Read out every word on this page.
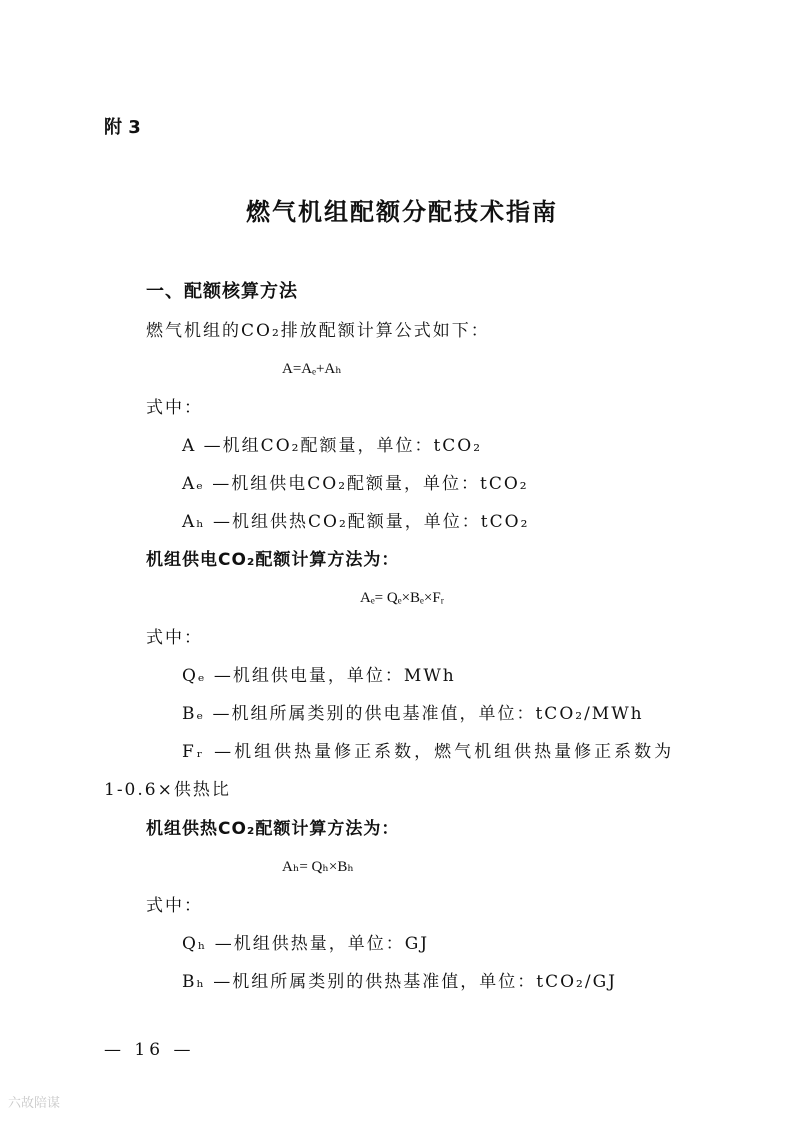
附 3
燃气机组配额分配技术指南
一、配额核算方法
燃气机组的CO₂排放配额计算公式如下：
A=Aₑ+Aₕ
式中：
A —机组CO₂配额量，单位：tCO₂
Aₑ —机组供电CO₂配额量，单位：tCO₂
Aₕ —机组供热CO₂配额量，单位：tCO₂
机组供电CO₂配额计算方法为：
Aₑ= Qₑ×Bₑ×Fᵣ
式中：
Qₑ —机组供电量，单位：MWh
Bₑ —机组所属类别的供电基准值，单位：tCO₂/MWh
Fᵣ —机组供热量修正系数，燃气机组供热量修正系数为
1-0.6×供热比
机组供热CO₂配额计算方法为：
Aₕ= Qₕ×Bₕ
式中：
Qₕ —机组供热量，单位：GJ
Bₕ —机组所属类别的供热基准值，单位：tCO₂/GJ
— 16 —
六故陪谋
